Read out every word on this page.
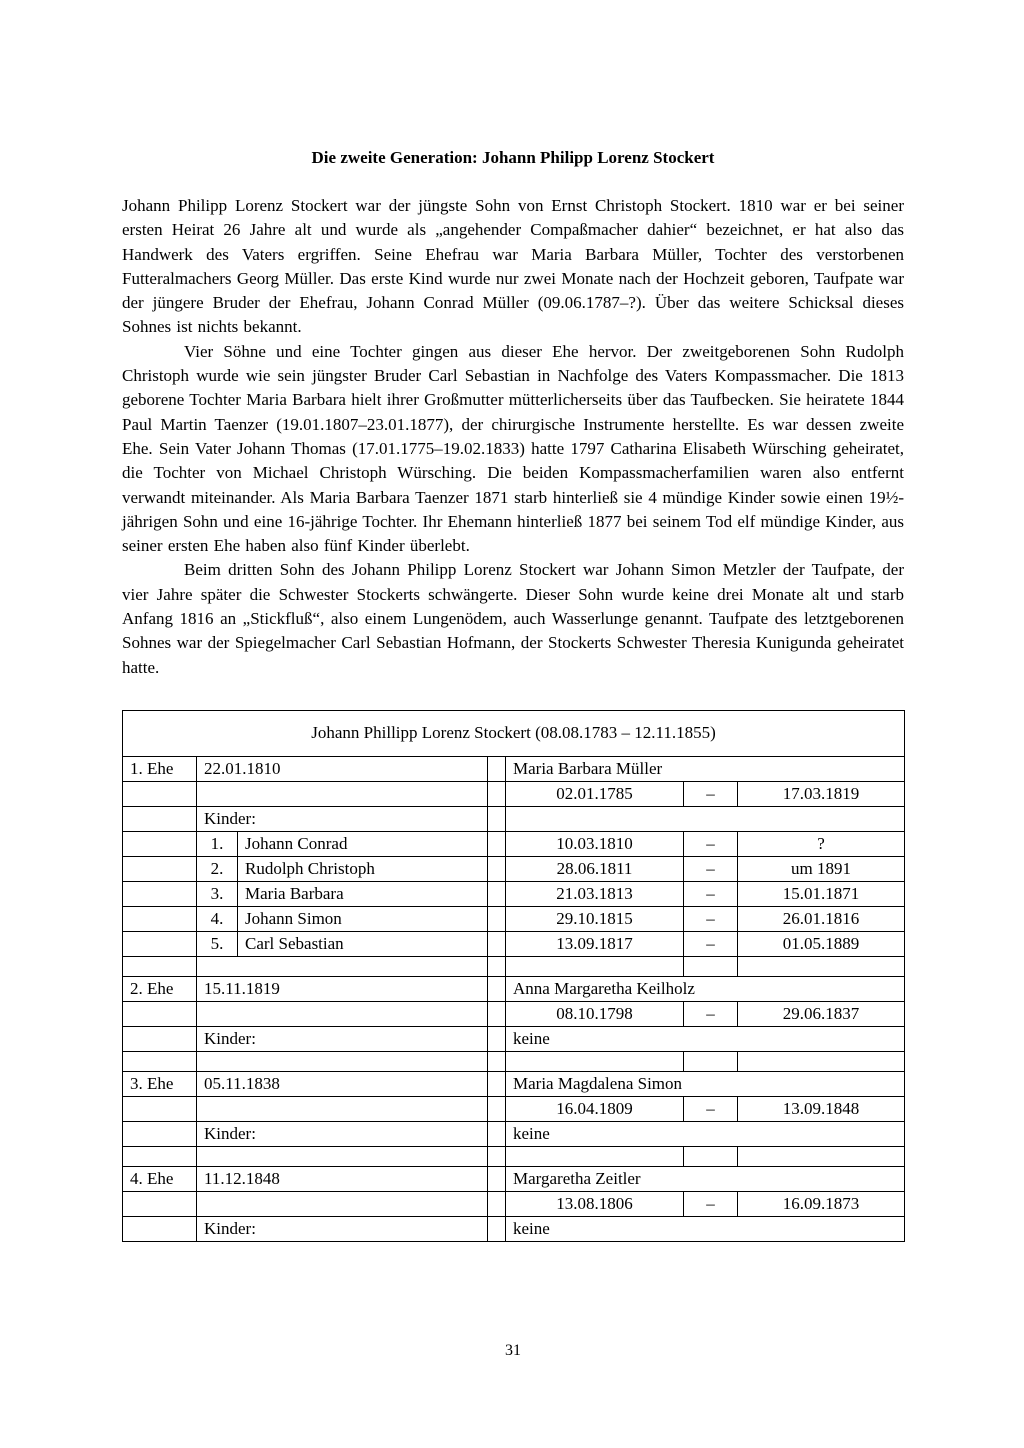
Die zweite Generation: Johann Philipp Lorenz Stockert

Johann Philipp Lorenz Stockert war der jüngste Sohn von Ernst Christoph Stockert. 1810 war er bei seiner ersten Heirat 26 Jahre alt und wurde als „angehender Compaßmacher dahier“ bezeichnet, er hat also das Handwerk des Vaters ergriffen. Seine Ehefrau war Maria Barbara Müller, Tochter des verstorbenen Futteralmachers Georg Müller. Das erste Kind wurde nur zwei Monate nach der Hochzeit geboren, Taufpate war der jüngere Bruder der Ehefrau, Johann Conrad Müller (09.06.1787–?). Über das weitere Schicksal dieses Sohnes ist nichts bekannt.

Vier Söhne und eine Tochter gingen aus dieser Ehe hervor. Der zweitgeborenen Sohn Rudolph Christoph wurde wie sein jüngster Bruder Carl Sebastian in Nachfolge des Vaters Kompassmacher. Die 1813 geborene Tochter Maria Barbara hielt ihrer Großmutter mütterlicherseits über das Taufbecken. Sie heiratete 1844 Paul Martin Taenzer (19.01.1807–23.01.1877), der chirurgische Instrumente herstellte. Es war dessen zweite Ehe. Sein Vater Johann Thomas (17.01.1775–19.02.1833) hatte 1797 Catharina Elisabeth Würsching geheiratet, die Tochter von Michael Christoph Würsching. Die beiden Kompassmacherfamilien waren also entfernt verwandt miteinander. Als Maria Barbara Taenzer 1871 starb hinterließ sie 4 mündige Kinder sowie einen 19½-jährigen Sohn und eine 16-jährige Tochter. Ihr Ehemann hinterließ 1877 bei seinem Tod elf mündige Kinder, aus seiner ersten Ehe haben also fünf Kinder überlebt.

Beim dritten Sohn des Johann Philipp Lorenz Stockert war Johann Simon Metzler der Taufpate, der vier Jahre später die Schwester Stockerts schwängerte. Dieser Sohn wurde keine drei Monate alt und starb Anfang 1816 an „Stickfluß“, also einem Lungenödem, auch Wasserlunge genannt. Taufpate des letztgeborenen Sohnes war der Spiegelmacher Carl Sebastian Hofmann, der Stockerts Schwester Theresia Kunigunda geheiratet hatte.

Johann Phillipp Lorenz Stockert (08.08.1783 – 12.11.1855)						
1. Ehe	22.01.1810			Maria Barbara Müller		
				02.01.1785	–	17.03.1819
	Kinder:					
	1.	Johann Conrad		10.03.1810	–	?
	2.	Rudolph Christoph		28.06.1811	–	um 1891
	3.	Maria Barbara		21.03.1813	–	15.01.1871
	4.	Johann Simon		29.10.1815	–	26.01.1816
	5.	Carl Sebastian		13.09.1817	–	01.05.1889

2. Ehe	15.11.1819			Anna Margaretha Keilholz		
				08.10.1798	–	29.06.1837
	Kinder:			keine		

3. Ehe	05.11.1838			Maria Magdalena Simon		
				16.04.1809	–	13.09.1848
	Kinder:			keine		

4. Ehe	11.12.1848			Margaretha Zeitler		
				13.08.1806	–	16.09.1873
	Kinder:			keine		
31
